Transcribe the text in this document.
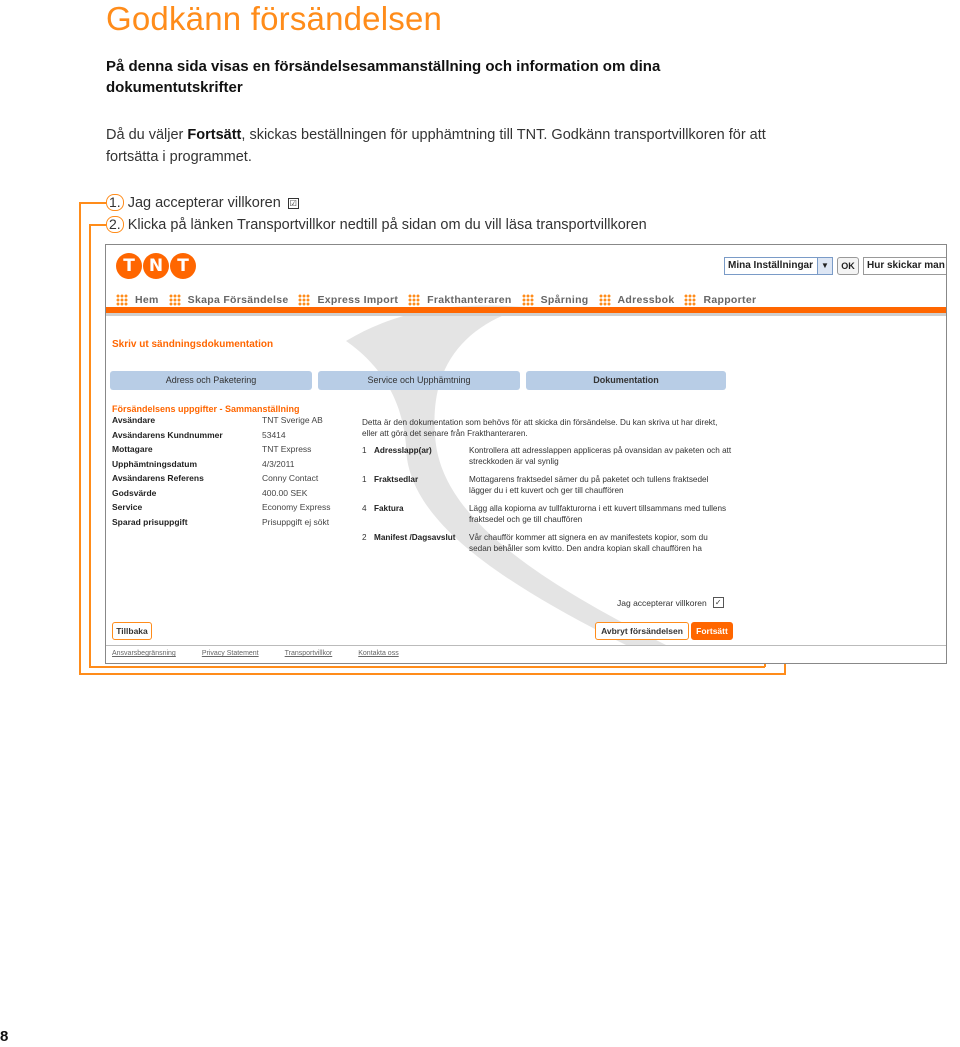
Godkänn försändelsen

På denna sida visas en försändelsesammanställning och information om dina dokumentutskrifter

Då du väljer Fortsätt, skickas beställningen för upphämtning till TNT. Godkänn transportvillkoren för att fortsätta i programmet.

1. Jag accepterar villkoren ☑
2. Klicka på länken Transportvillkor nedtill på sidan om du vill läsa transportvillkoren
T N T	Mina Inställningar	▼	OK	Hur skickar man
Hem	Skapa Försändelse	Express Import	Frakthanteraren	Spårning	Adressbok	Rapporter
Skriv ut sändningsdokumentation
Adress och Paketering	Service och Upphämtning	Dokumentation
Försändelsens uppgifter - Sammanställning
Avsändare	TNT Sverige AB
Avsändarens Kundnummer	53414
Mottagare	TNT Express
Upphämtningsdatum	4/3/2011
Avsändarens Referens	Conny Contact
Godsvärde	400.00 SEK
Service	Economy Express
Sparad prisuppgift	Prisuppgift ej sökt
Detta är den dokumentation som behövs för att skicka din försändelse. Du kan skriva ut har direkt, eller att göra det senare från Frakthanteraren.
1 Adresslapp(ar)	Kontrollera att adresslappen appliceras på ovansidan av paketen och att streckkoden är val synlig
1 Fraktsedlar	Mottagarens fraktsedel sämer du på paketet och tullens fraktsedel lägger du i ett kuvert och ger till chauffören
4 Faktura	Lägg alla kopiorna av tullfakturorna i ett kuvert tillsammans med tullens fraktsedel och ge till chauffören
2 Manifest /Dagsavslut	Vår chaufför kommer att signera en av manifestets kopior, som du sedan behåller som kvitto. Den andra kopian skall chauffören ha
Jag accepterar villkoren ✓
Tillbaka	Avbryt försändelsen	Fortsätt
Ansvarsbegränsning	Privacy Statement	Transportvillkor	Kontakta oss
8
